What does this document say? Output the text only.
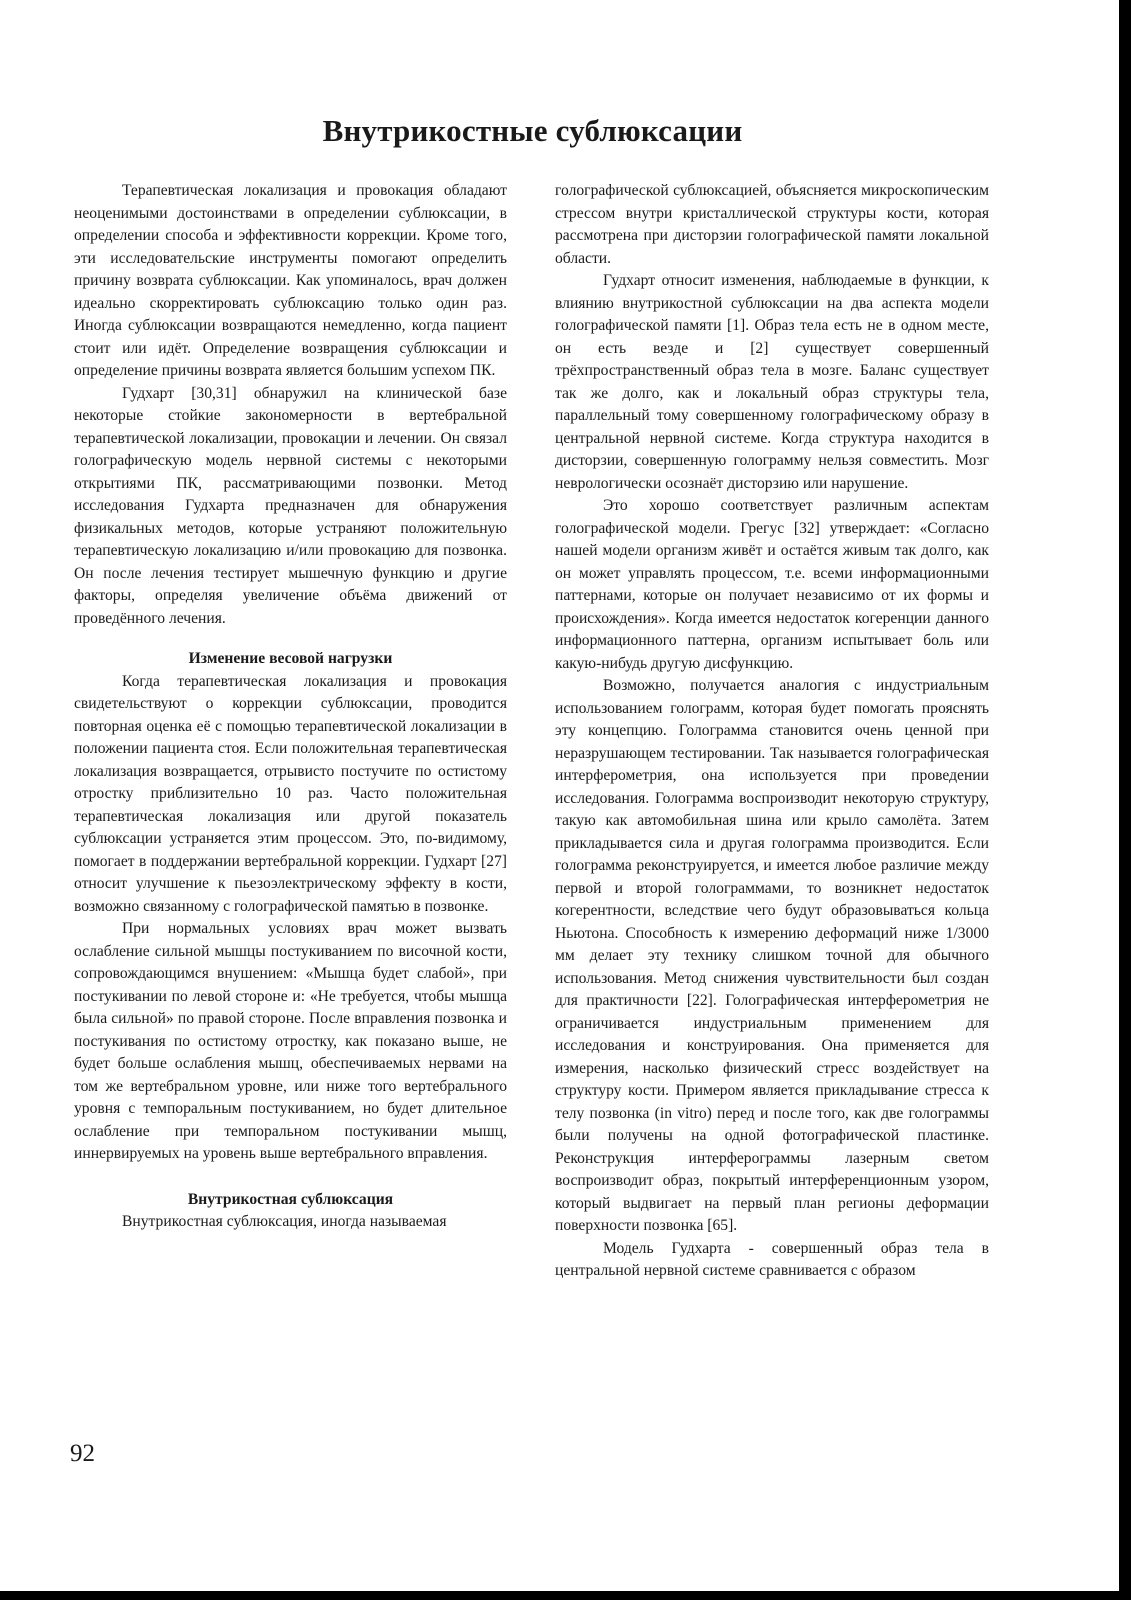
Внутрикостные сублюксации

Терапевтическая локализация и провокация обладают неоценимыми достоинствами в определении сублюксации, в определении способа и эффективности коррекции. Кроме того, эти исследовательские инструменты помогают определить причину возврата сублюксации. Как упоминалось, врач должен идеально скорректировать сублюксацию только один раз. Иногда сублюксации возвращаются немедленно, когда пациент стоит или идёт. Определение возвращения сублюксации и определение причины возврата является большим успехом ПК.

Гудхарт [30,31] обнаружил на клинической базе некоторые стойкие закономерности в вертебральной терапевтической локализации, провокации и лечении. Он связал голографическую модель нервной системы с некоторыми открытиями ПК, рассматривающими позвонки. Метод исследования Гудхарта предназначен для обнаружения физикальных методов, которые устраняют положительную терапевтическую локализацию и/или провокацию для позвонка. Он после лечения тестирует мышечную функцию и другие факторы, определяя увеличение объёма движений от проведённого лечения.

Изменение весовой нагрузки

Когда терапевтическая локализация и провокация свидетельствуют о коррекции сублюксации, проводится повторная оценка её с помощью терапевтической локализации в положении пациента стоя. Если положительная терапевтическая локализация возвращается, отрывисто постучите по остистому отростку приблизительно 10 раз. Часто положительная терапевтическая локализация или другой показатель сублюксации устраняется этим процессом. Это, по-видимому, помогает в поддержании вертебральной коррекции. Гудхарт [27] относит улучшение к пьезоэлектрическому эффекту в кости, возможно связанному с голографической памятью в позвонке.

При нормальных условиях врач может вызвать ослабление сильной мышцы постукиванием по височной кости, сопровождающимся внушением: «Мышца будет слабой», при постукивании по левой стороне и: «Не требуется, чтобы мышца была сильной» по правой стороне. После вправления позвонка и постукивания по остистому отростку, как показано выше, не будет больше ослабления мышц, обеспечиваемых нервами на том же вертебральном уровне, или ниже того вертебрального уровня с темпоральным постукиванием, но будет длительное ослабление при темпоральном постукивании мышц, иннервируемых на уровень выше вертебрального вправления.

Внутрикостная сублюксация

Внутрикостная сублюксация, иногда называемая

голографической сублюксацией, объясняется микроскопическим стрессом внутри кристаллической структуры кости, которая рассмотрена при дисторзии голографической памяти локальной области.

Гудхарт относит изменения, наблюдаемые в функции, к влиянию внутрикостной сублюксации на два аспекта модели голографической памяти [1]. Образ тела есть не в одном месте, он есть везде и [2] существует совершенный трёхпространственный образ тела в мозге. Баланс существует так же долго, как и локальный образ структуры тела, параллельный тому совершенному голографическому образу в центральной нервной системе. Когда структура находится в дисторзии, совершенную голограмму нельзя совместить. Мозг неврологически осознаёт дисторзию или нарушение.

Это хорошо соответствует различным аспектам голографической модели. Грегус [32] утверждает: «Согласно нашей модели организм живёт и остаётся живым так долго, как он может управлять процессом, т.е. всеми информационными паттернами, которые он получает независимо от их формы и происхождения». Когда имеется недостаток когеренции данного информационного паттерна, организм испытывает боль или какую-нибудь другую дисфункцию.

Возможно, получается аналогия с индустриальным использованием голограмм, которая будет помогать прояснять эту концепцию. Голограмма становится очень ценной при неразрушающем тестировании. Так называется голографическая интерферометрия, она используется при проведении исследования. Голограмма воспроизводит некоторую структуру, такую как автомобильная шина или крыло самолёта. Затем прикладывается сила и другая голограмма производится. Если голограмма реконструируется, и имеется любое различие между первой и второй голограммами, то возникнет недостаток когерентности, вследствие чего будут образовываться кольца Ньютона. Способность к измерению деформаций ниже 1/3000 мм делает эту технику слишком точной для обычного использования. Метод снижения чувствительности был создан для практичности [22]. Голографическая интерферометрия не ограничивается индустриальным применением для исследования и конструирования. Она применяется для измерения, насколько физический стресс воздействует на структуру кости. Примером является прикладывание стресса к телу позвонка (in vitro) перед и после того, как две голограммы были получены на одной фотографической пластинке. Реконструкция интерферограммы лазерным светом воспроизводит образ, покрытый интерференционным узором, который выдвигает на первый план регионы деформации поверхности позвонка [65].

Модель Гудхарта - совершенный образ тела в центральной нервной системе сравнивается с образом

92
